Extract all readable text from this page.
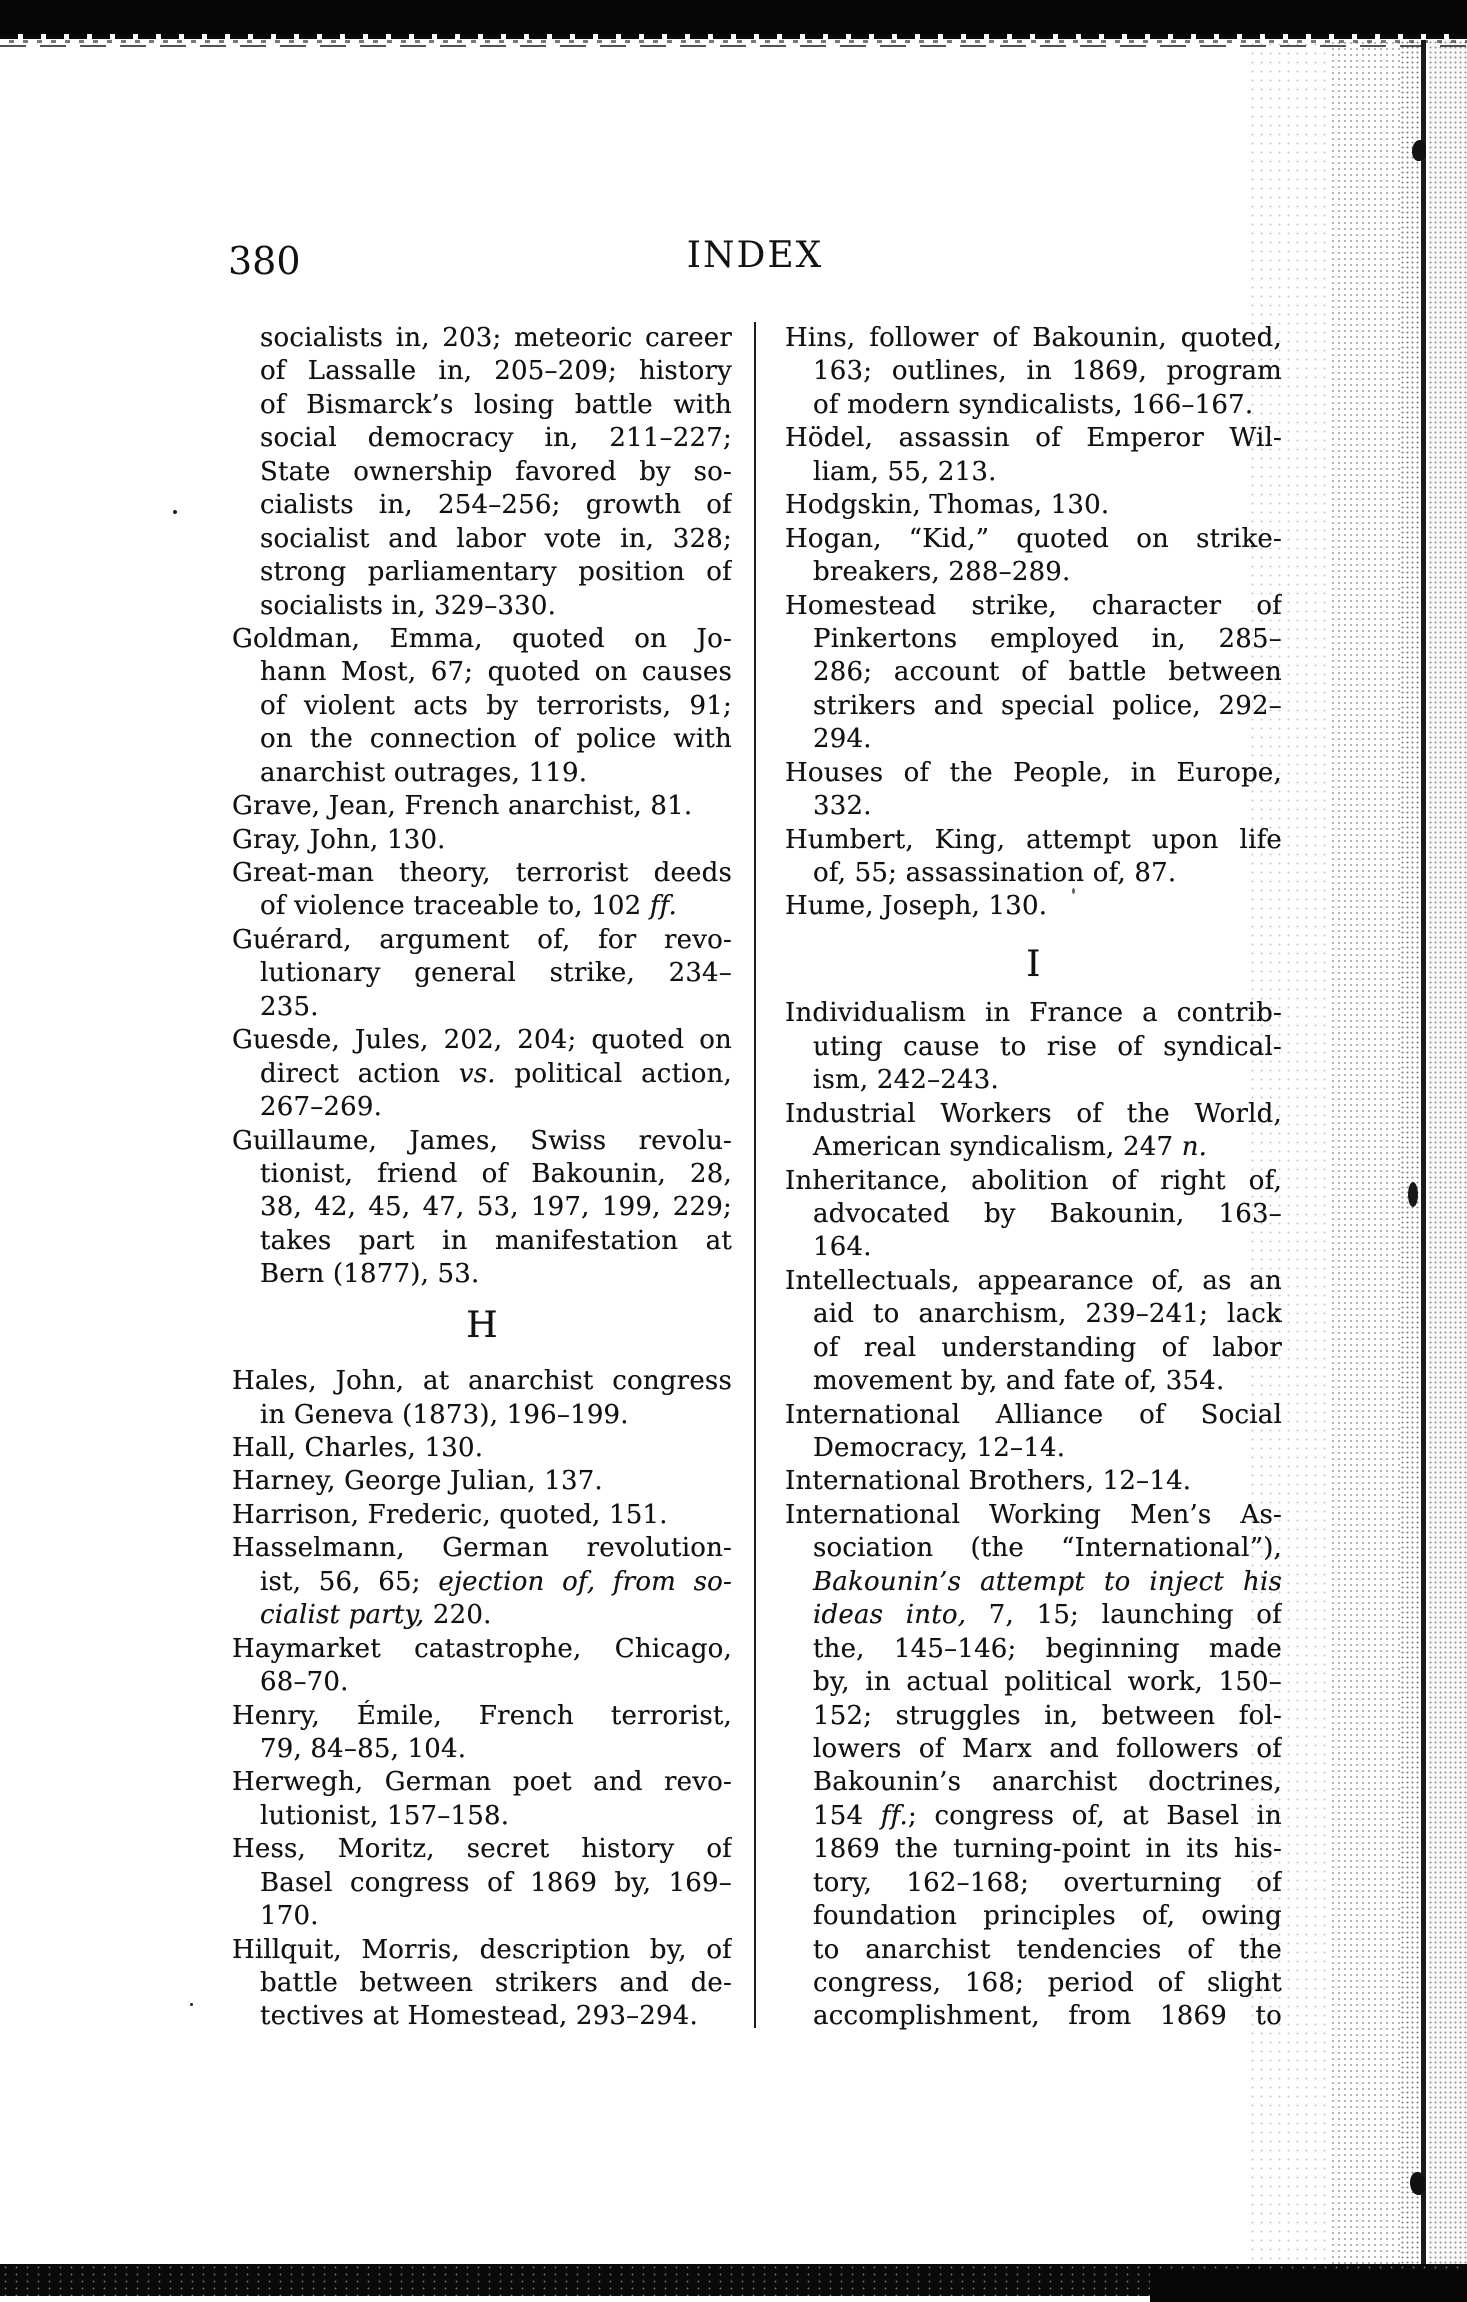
380	INDEX
socialists in, 203; meteoric career
of Lassalle in, 205–209; history
of Bismarck’s losing battle with
social democracy in, 211–227;
State ownership favored by so-
cialists in, 254–256; growth of
socialist and labor vote in, 328;
strong parliamentary position of
socialists in, 329–330.
Goldman, Emma, quoted on Jo-
hann Most, 67; quoted on causes
of violent acts by terrorists, 91;
on the connection of police with
anarchist outrages, 119.
Grave, Jean, French anarchist, 81.
Gray, John, 130.
Great-man theory, terrorist deeds
of violence traceable to, 102 ff.
Guérard, argument of, for revo-
lutionary general strike, 234–
235.
Guesde, Jules, 202, 204; quoted on
direct action vs. political action,
267–269.
Guillaume, James, Swiss revolu-
tionist, friend of Bakounin, 28,
38, 42, 45, 47, 53, 197, 199, 229;
takes part in manifestation at
Bern (1877), 53.
H
Hales, John, at anarchist congress
in Geneva (1873), 196–199.
Hall, Charles, 130.
Harney, George Julian, 137.
Harrison, Frederic, quoted, 151.
Hasselmann, German revolution-
ist, 56, 65; ejection of, from so-
cialist party, 220.
Haymarket catastrophe, Chicago,
68–70.
Henry, Émile, French terrorist,
79, 84–85, 104.
Herwegh, German poet and revo-
lutionist, 157–158.
Hess, Moritz, secret history of
Basel congress of 1869 by, 169–
170.
Hillquit, Morris, description by, of
battle between strikers and de-
tectives at Homestead, 293–294.
Hins, follower of Bakounin, quoted,
163; outlines, in 1869, program
of modern syndicalists, 166–167.
Hödel, assassin of Emperor Wil-
liam, 55, 213.
Hodgskin, Thomas, 130.
Hogan, “Kid,” quoted on strike-
breakers, 288–289.
Homestead strike, character of
Pinkertons employed in, 285–
286; account of battle between
strikers and special police, 292–
294.
Houses of the People, in Europe,
332.
Humbert, King, attempt upon life
of, 55; assassination of, 87.
Hume, Joseph, 130.
I
Individualism in France a contrib-
uting cause to rise of syndical-
ism, 242–243.
Industrial Workers of the World,
American syndicalism, 247 n.
Inheritance, abolition of right of,
advocated by Bakounin, 163–
164.
Intellectuals, appearance of, as an
aid to anarchism, 239–241; lack
of real understanding of labor
movement by, and fate of, 354.
International Alliance of Social
Democracy, 12–14.
International Brothers, 12–14.
International Working Men’s As-
sociation (the “International”),
Bakounin’s attempt to inject his
ideas into, 7, 15; launching of
the, 145–146; beginning made
by, in actual political work, 150–
152; struggles in, between fol-
lowers of Marx and followers of
Bakounin’s anarchist doctrines,
154 ff.; congress of, at Basel in
1869 the turning-point in its his-
tory, 162–168; overturning of
foundation principles of, owing
to anarchist tendencies of the
congress, 168; period of slight
accomplishment, from 1869 to
